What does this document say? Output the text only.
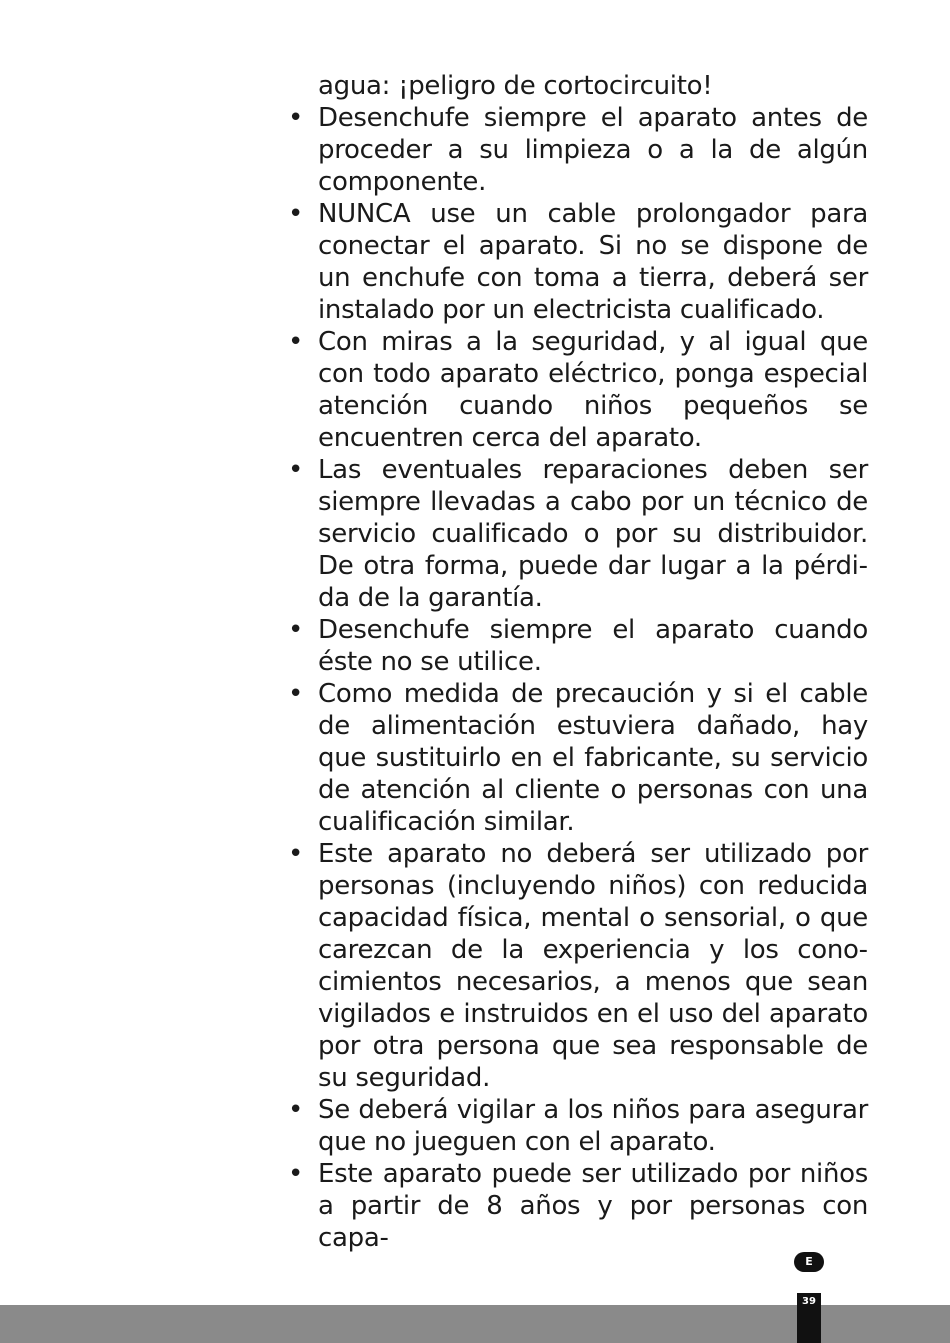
agua: ¡peligro de cortocircuito!

• Desenchufe siempre el aparato antes de proceder a su limpieza o a la de algún componente.
• NUNCA use un cable prolongador para conectar el aparato. Si no se dispone de un enchufe con toma a tierra, deberá ser instalado por un electricista cualificado.
• Con miras a la seguridad, y al igual que con todo aparato eléctrico, ponga especial atención cuando niños pequeños se encuentren cerca del aparato.
• Las eventuales reparaciones deben ser siempre llevadas a cabo por un técnico de servicio cualificado o por su distribuidor. De otra forma, puede dar lugar a la pérdida de la garantía.
• Desenchufe siempre el aparato cuando éste no se utilice.
• Como medida de precaución y si el cable de alimentación estuviera dañado, hay que sustituirlo en el fabricante, su servicio de atención al cliente o personas con una cualificación similar.
• Este aparato no deberá ser utilizado por personas (incluyendo niños) con reducida capacidad física, mental o sensorial, o que carezcan de la experiencia y los conocimientos necesarios, a menos que sean vigilados e instruidos en el uso del aparato por otra persona que sea responsable de su seguridad.
• Se deberá vigilar a los niños para asegurar que no jueguen con el aparato.
• Este aparato puede ser utilizado por niños a partir de 8 años y por personas con capa-
E
39
